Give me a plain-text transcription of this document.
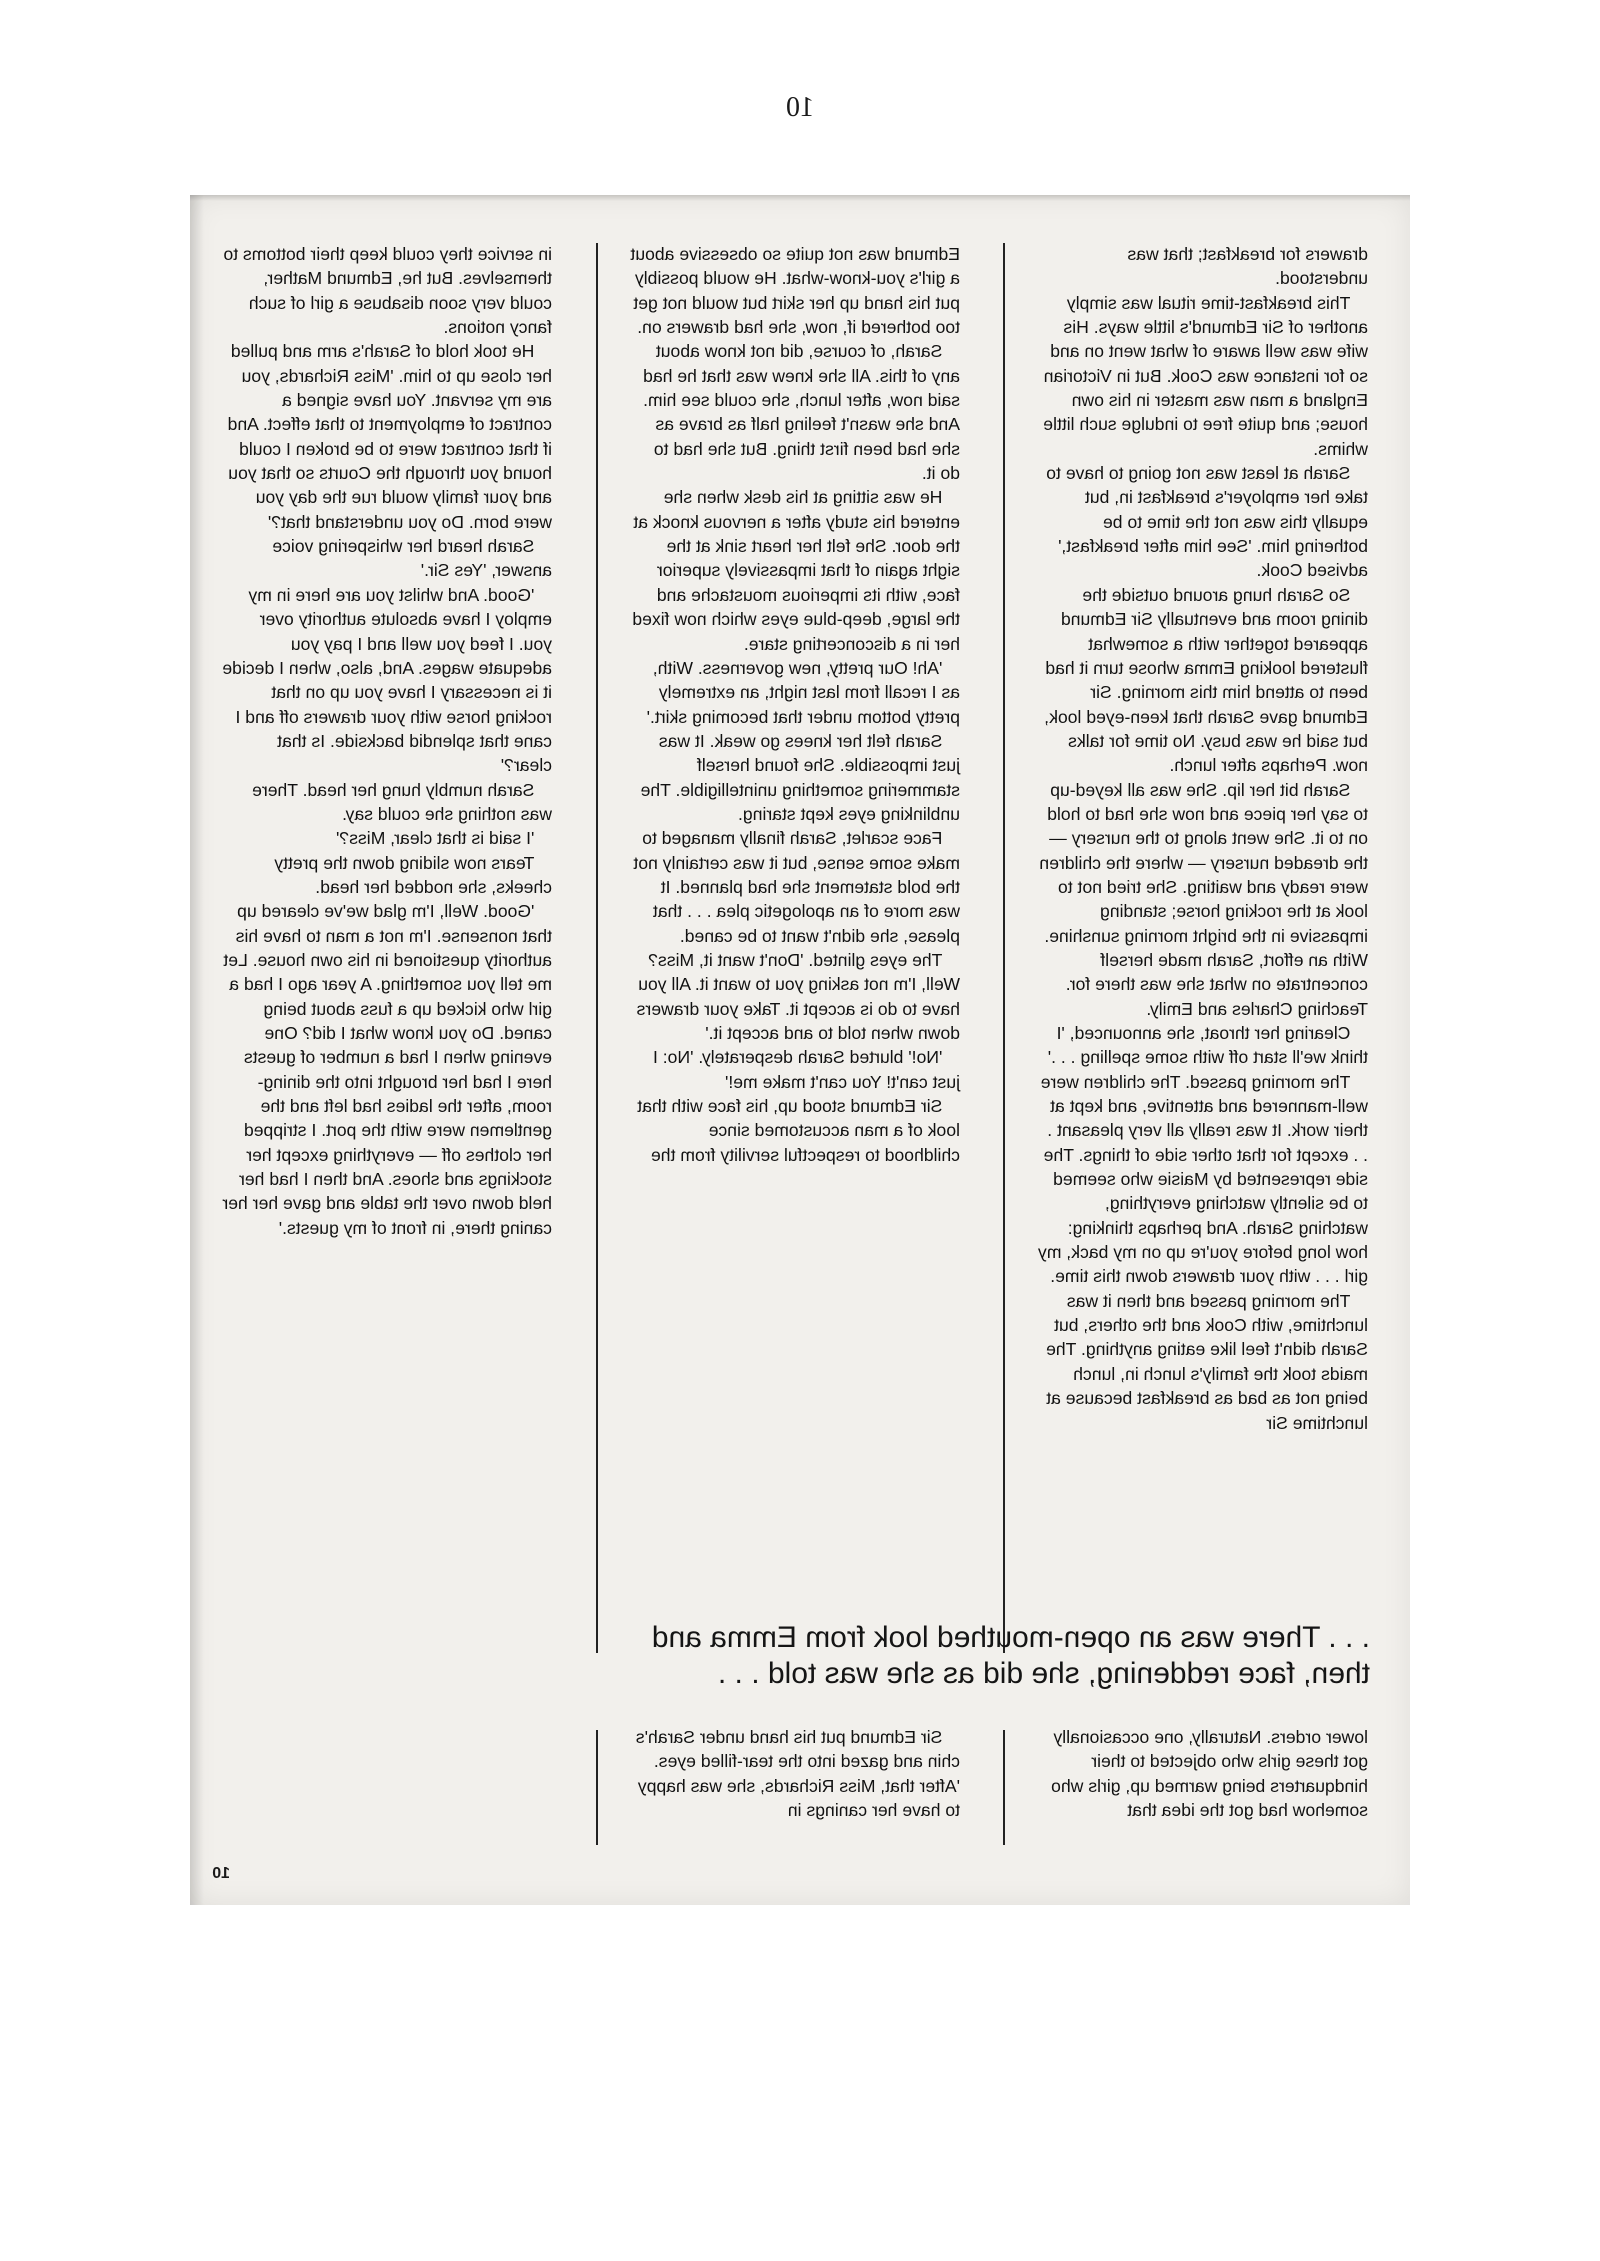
10

drawers for breakfast; that was understood.

This breakfast-time ritual was simply another of Sir Edmund's little ways. His wife was well aware of what went on and so for instance was Cook. But in Victorian England a man was master in his own house; and quite free to indulge such little whims.

Sarah at least was not going to have to take her employer's breakfast in, but equally this was not the time to be bothering him. 'See him after breakfast,' advised Cook.

So Sarah hung around outside the dining room and eventually Sir Edmund appeared together with a somewhat flustered looking Emma whose turn it had been to attend him this morning. Sir Edmund gave Sarah that keen-eyed look, but said he was busy. No time for talks now. Perhaps after lunch.

Sarah bit her lip. She was all keyed-up to say her piece and now she had to hold on to it. She went along to the nursery — the dreaded nursery — where the children were ready and waiting. She tried not to look at the rocking horse; standing impassive in the bright morning sunshine. With an effort, Sarah made herself concentrate on what she was there for. Teaching Charles and Emily.

Clearing her throat, she announced, 'I think we'll start off with some spelling . . .'

The morning passed. The children were well-mannered and attentive, and kept at their work. It was really all very pleasant . . . except for that other side of things. The side represented by Maisie who seemed to be silently watching everything, watching Sarah. And perhaps thinking: how long before you're up on my back, my girl . . . with your drawers down this time.

The morning passed and then it was lunchtime, with Cook and the others, but Sarah didn't feel like eating anything. The maids took the family's lunch in, lunch being not as bad as breakfast because at lunchtime Sir

Edmund was not quite so obsessive about a girl's you-know-what. He would possibly put his hand up her skirt but would not get too bothered if, now, she had drawers on.

Sarah, of course, did not know about any of this. All she knew was that he had said now, after lunch, she could see him. And she wasn't feeling half as brave as she had been first thing. But she had to do it.

He was sitting at his desk when she entered his study after a nervous knock at the door. She felt her heart sink at the sight again of that impassively superior face, with its imperious moustache and the large, deep-blue eyes which now fixed her in a disconcerting stare.

'Ah! Our pretty, new governess. With, as I recall from last night, an extremely pretty bottom under that becoming skirt.'

Sarah felt her knees go weak. It was just impossible. She found herself stammering something unintelligible. The unblinking eyes kept staring.

Face scarlet, Sarah finally managed to make some sense, but it was certainly not the bold statement she had planned. It was more of an apologetic plea . . . that please, she didn't want to be caned.

The eyes glinted. 'Don't want it, Miss? Well, I'm not asking you to want it. All you have to do is accept it. Take your drawers down when told to and accept it.'

'No!' blurted Sarah desperately. 'No: I just can't! You can't make me!'

Sir Edmund stood up, his face with that look of a man accustomed since childhood to respectful servility from the

in service they could keep their bottoms to themselves. But he, Edmund Mather, could very soon disabuse a girl of such fancy notions.

He took hold of Sarah's arm and pulled her close up to him. 'Miss Richards, you are my servant. You have signed a contract of employment to that effect. And if that contract were to be broken I could hound you through the Courts so that you and your family would rue the day you were born. Do you understand that?'

Sarah heard her whispering voice answer, 'Yes Sir.'

'Good. And whilst you are here in my employ I have absolute authority over you. I feed you well and I pay you adequate wages. And, also, when I decide it is necessary I have you up on that rocking horse with your drawers off and I cane that splendid backside. Is that clear?'

Sarah numbly hung her head. There was nothing she could say.

'I said is that clear, Miss?'

Tears now sliding down the pretty cheeks, she nodded her head.

'Good. Well, I'm glad we've cleared up that nonsense. I'm not a man to have his authority questioned in his own house. Let me tell you something. A year ago I had a girl who kicked up a fuss about being caned. Do you know what I did? One evening when I had a number of guests here I had her brought into the dining-room, after the ladies had left and the gentlemen were with the port. I stripped her clothes off — everything except her stockings and shoes. And then I had her held down over the table and gave her her caning there, in front of my guests.'

. . . There was an open-mouthed look from Emma and then, face reddening, she did as she was told . . .

lower orders. Naturally, one occasionally got these girls who objected to their hindquarters being warmed up, girls who somehow had got the idea that

Sir Edmund put his hand under Sarah's chin and gazed into the tear-filled eyes. 'After that, Miss Richards, she was happy to have her canings in

10
